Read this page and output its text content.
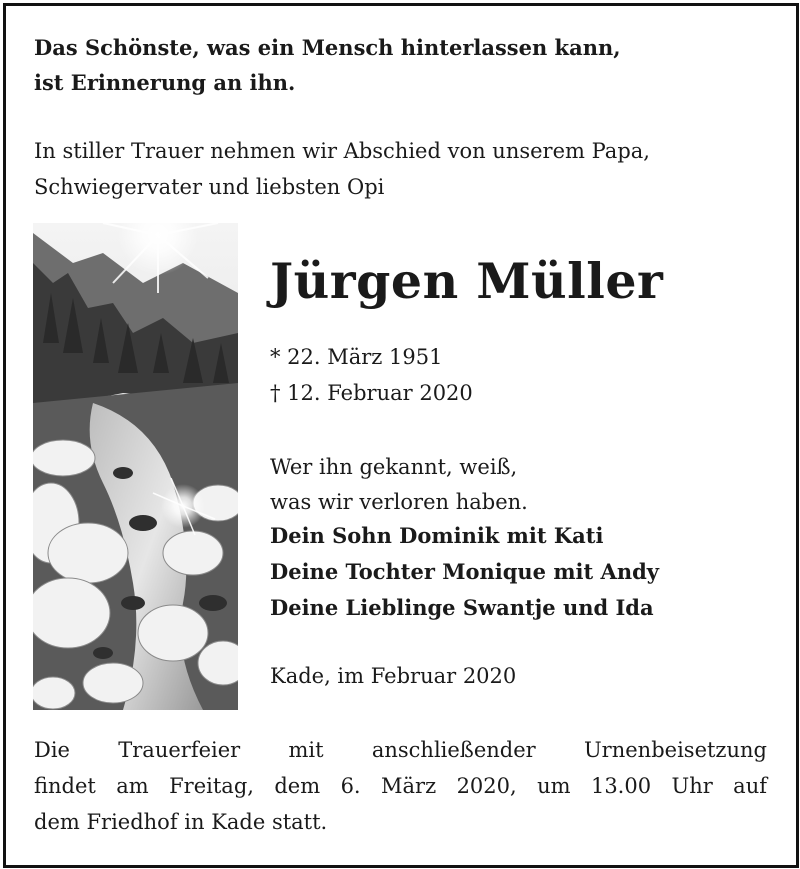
Das Schönste, was ein Mensch hinterlassen kann,
ist Erinnerung an ihn.
In stiller Trauer nehmen wir Abschied von unserem Papa,
Schwiegervater und liebsten Opi
Jürgen Müller
* 22. März 1951
† 12. Februar 2020
Wer ihn gekannt, weiß,
was wir verloren haben.
Dein Sohn Dominik mit Kati
Deine Tochter Monique mit Andy
Deine Lieblinge Swantje und Ida
Kade, im Februar 2020
Die Trauerfeier mit anschließender Urnenbeisetzung
findet am Freitag, dem 6. März 2020, um 13.00 Uhr auf
dem Friedhof in Kade statt.
